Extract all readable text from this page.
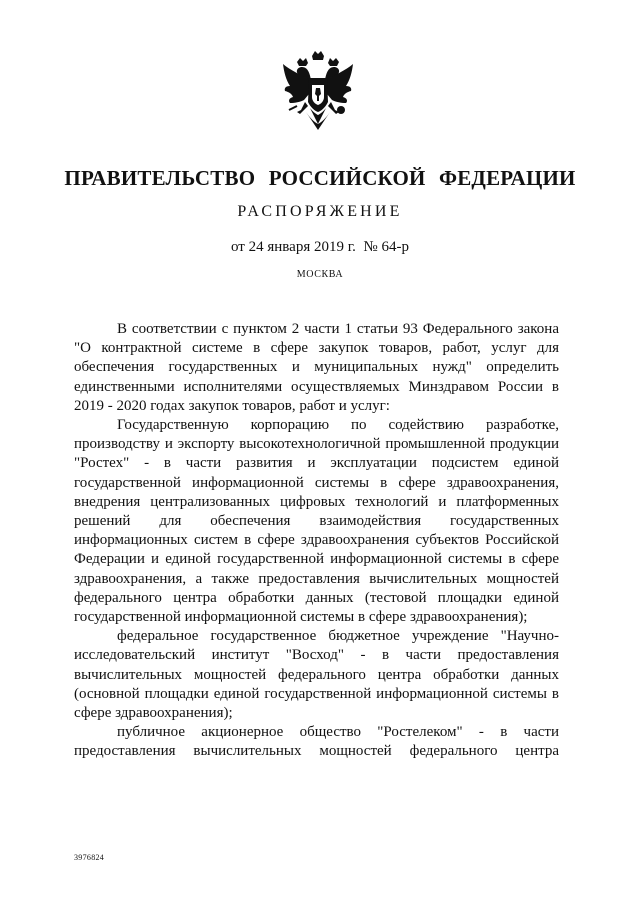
ПРАВИТЕЛЬСТВО РОССИЙСКОЙ ФЕДЕРАЦИИ
РАСПОРЯЖЕНИЕ
от 24 января 2019 г.  № 64-р
МОСКВА

В соответствии с пунктом 2 части 1 статьи 93 Федерального закона "О контрактной системе в сфере закупок товаров, работ, услуг для обеспечения государственных и муниципальных нужд" определить единственными исполнителями осуществляемых Минздравом России в 2019 - 2020 годах закупок товаров, работ и услуг:

Государственную корпорацию по содействию разработке, производству и экспорту высокотехнологичной промышленной продукции "Ростех" - в части развития и эксплуатации подсистем единой государственной информационной системы в сфере здравоохранения, внедрения централизованных цифровых технологий и платформенных решений для обеспечения взаимодействия государственных информационных систем в сфере здравоохранения субъектов Российской Федерации и единой государственной информационной системы в сфере здравоохранения, а также предоставления вычислительных мощностей федерального центра обработки данных (тестовой площадки единой государственной информационной системы в сфере здравоохранения);

федеральное государственное бюджетное учреждение "Научно-исследовательский институт "Восход" - в части предоставления вычислительных мощностей федерального центра обработки данных (основной площадки единой государственной информационной системы в сфере здравоохранения);

публичное акционерное общество "Ростелеком" - в части предоставления вычислительных мощностей федерального центра

3976824
